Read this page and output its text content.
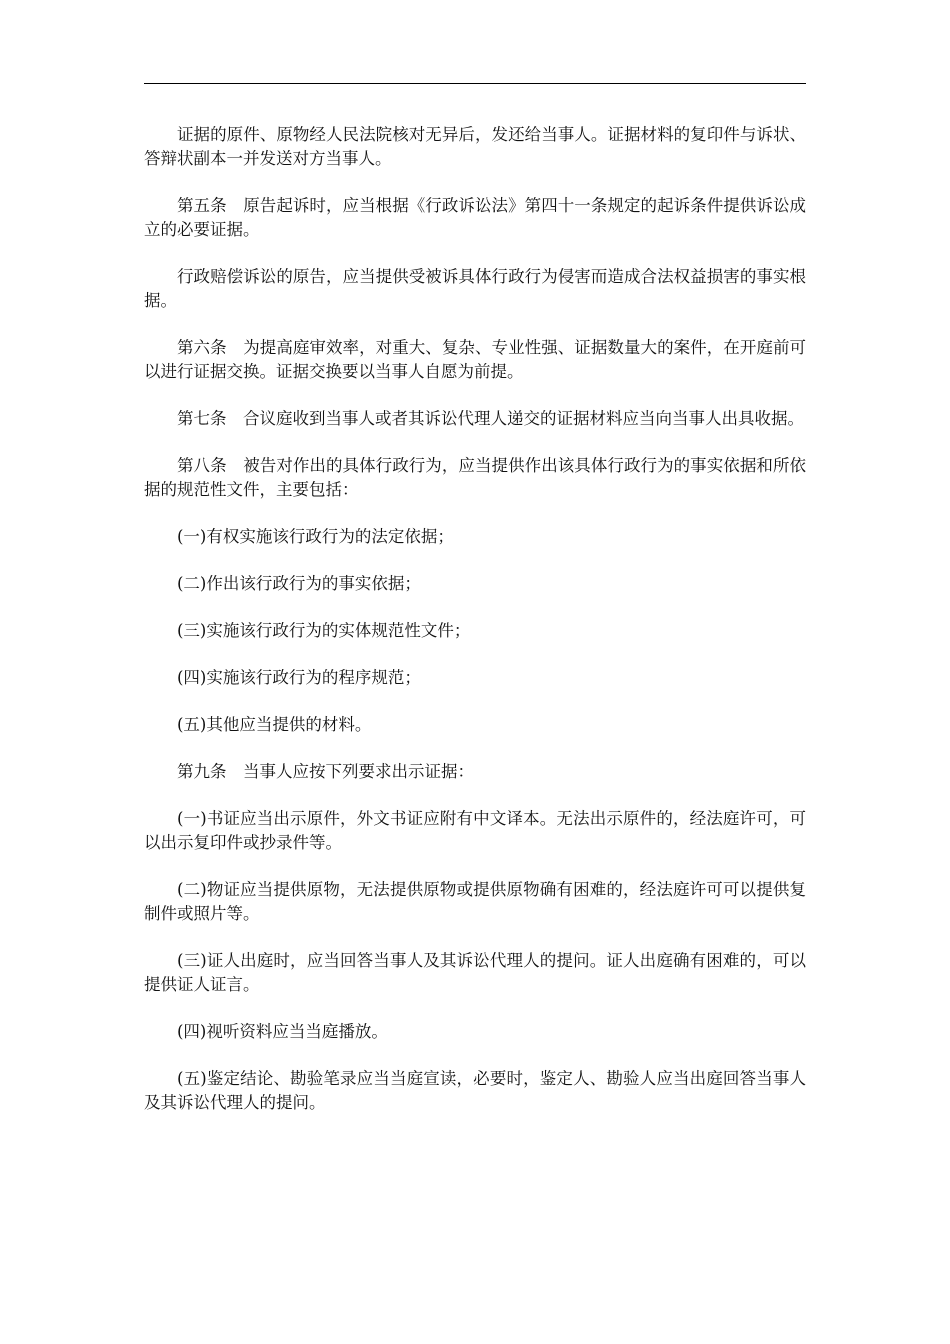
证据的原件、原物经人民法院核对无异后，发还给当事人。证据材料的复印件与诉状、答辩状副本一并发送对方当事人。

第五条　原告起诉时，应当根据《行政诉讼法》第四十一条规定的起诉条件提供诉讼成立的必要证据。

行政赔偿诉讼的原告，应当提供受被诉具体行政行为侵害而造成合法权益损害的事实根据。

第六条　为提高庭审效率，对重大、复杂、专业性强、证据数量大的案件，在开庭前可以进行证据交换。证据交换要以当事人自愿为前提。

第七条　合议庭收到当事人或者其诉讼代理人递交的证据材料应当向当事人出具收据。

第八条　被告对作出的具体行政行为，应当提供作出该具体行政行为的事实依据和所依据的规范性文件，主要包括：

(一)有权实施该行政行为的法定依据；

(二)作出该行政行为的事实依据；

(三)实施该行政行为的实体规范性文件；

(四)实施该行政行为的程序规范；

(五)其他应当提供的材料。

第九条　当事人应按下列要求出示证据：

(一)书证应当出示原件，外文书证应附有中文译本。无法出示原件的，经法庭许可，可以出示复印件或抄录件等。

(二)物证应当提供原物，无法提供原物或提供原物确有困难的，经法庭许可可以提供复制件或照片等。

(三)证人出庭时，应当回答当事人及其诉讼代理人的提问。证人出庭确有困难的，可以提供证人证言。

(四)视听资料应当当庭播放。

(五)鉴定结论、勘验笔录应当当庭宣读，必要时，鉴定人、勘验人应当出庭回答当事人及其诉讼代理人的提问。
